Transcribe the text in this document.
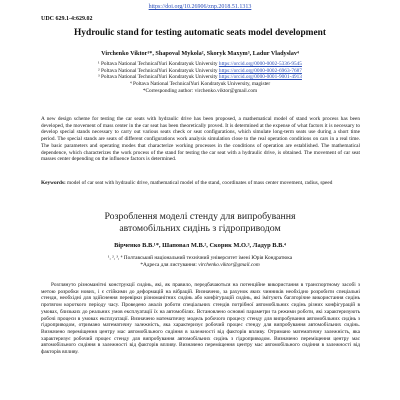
https://doi.org/10.26906/znp.2018.51.1313
UDC 629.1-4:629.02
Hydroulic stand for testing automatic seats model development
Virchenko Viktor¹*, Shapoval Mykola², Skoryk Maxym³, Ladur Vladyslav⁴
¹ Poltava National TechnicalYuri Kondratyuk University https://orcid.org/0000-0002-5336-9545
² Poltava National TechnicalYuri Kondratyuk University https://orcid.org/0000-0002-6963-7687
³ Poltava National TechnicalYuri Kondratyuk University https://orcid.org/0000-0001-9001-4913
⁴ Poltava National TechnicalYuri Kondratyuk University, magister
*Corresponding author: virchenko.viktor@gmail.com

A new design scheme for testing the car seats with hydraulic drive has been proposed, a mathematical model of stand work process has been developed, the movement of mass center in the car seat has been theoretically proved. It is determined at the expense of what factors it is necessary to develop special stands necessary to carry out various seats check or seat configurations, which simulate long-term seats use during a short time period. The special stands are seats of different configurations work analysis simulation close to the real operation conditions on cars in a real time. The basic parameters and operating modes that characterize working processes in the conditions of operation are established. The mathematical dependence, which characterizes the work process of the stand for testing the car seat with a hydraulic drive, is obtained. The movement of car seat masses center depending on the influence factors is determined.

Keywords: model of car seat with hydraulic drive, mathematical model of the stand, coordinates of mass center movement, radius, speed
Розроблення моделі стенду для випробування
автомобільних сидінь з гідроприводом
Вірченко В.В.¹*, Шаповал М.В.², Скорик М.О.³, Ладур В.В.⁴
¹, ², ³, ⁴ Полтавський національний технічний університет імені Юрія Кондратюка
*Адреса для листування: virchenko.viktor@gmail.com

Розглянуто різноманітні конструкції сидінь, які, як правило, передбачаються на потенційне використання в транспортному засобі з метою розробки нових, і є стійкими до деформацій на вібрацій. Визначено, за рахунок яких чинників необхідно розробити спеціальні стенди, необхідні для здійснення перевірки різноманітних сидінь або конфігурацій сидінь, які імітують багаторічне використання сидінь протягом короткого періоду часу. Проведено аналіз роботи спеціальних стендів потрібної автомобільних сидінь різних конфігурацій в умовах, близьких до реальних умов експлуатації їх на автомобілях. Встановлено основні параметри та режими роботи, які характеризують робочі процеси в умовах експлуатації. Визначено математичну модель робочого процесу стенду для випробування автомобільних сидінь з гідроприводом, отримано математичну залежність, яка характеризує робочий процес стенду для випробування автомобільних сидінь. Визначено переміщення центру мас автомобільного сидіння в залежності від факторів впливу. Отримано математичну залежність, яка характеризує робочий процес стенду для випробування автомобільних сидінь з гідроприводом. Визначено переміщення центру мас автомобільного сидіння в залежності від факторів впливу. Визначено переміщення центру мас автомобільного сидіння в залежності від факторів впливу.
